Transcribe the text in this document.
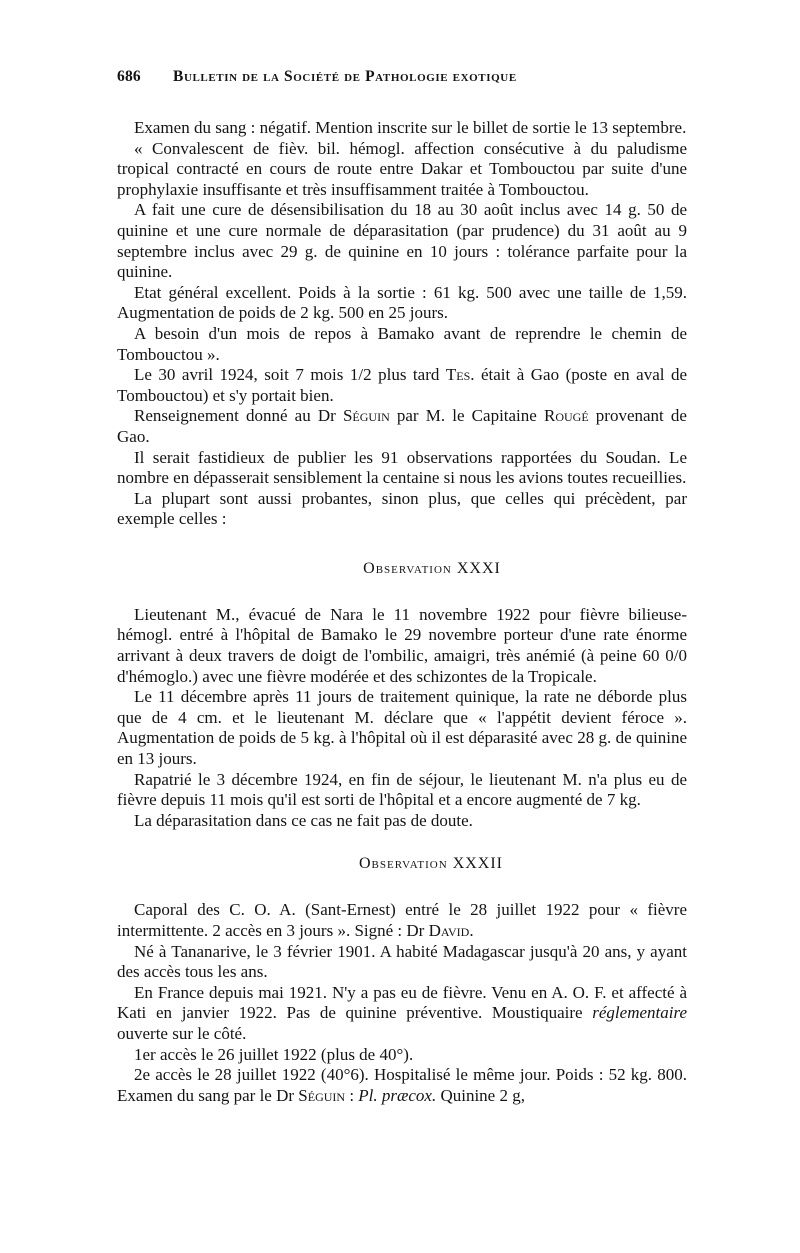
686 Bulletin de la Société de Pathologie exotique

Examen du sang : négatif. Mention inscrite sur le billet de sortie le 13 septembre.

« Convalescent de fièv. bil. hémogl. affection consécutive à du paludisme tropical contracté en cours de route entre Dakar et Tombouctou par suite d'une prophylaxie insuffisante et très insuffisamment traitée à Tombouctou.

A fait une cure de désensibilisation du 18 au 30 août inclus avec 14 g. 50 de quinine et une cure normale de déparasitation (par prudence) du 31 août au 9 septembre inclus avec 29 g. de quinine en 10 jours : tolérance parfaite pour la quinine.

Etat général excellent. Poids à la sortie : 61 kg. 500 avec une taille de 1,59. Augmentation de poids de 2 kg. 500 en 25 jours.

A besoin d'un mois de repos à Bamako avant de reprendre le chemin de Tombouctou ».

Le 30 avril 1924, soit 7 mois 1/2 plus tard Tes. était à Gao (poste en aval de Tombouctou) et s'y portait bien.

Renseignement donné au Dr Séguin par M. le Capitaine Rougé provenant de Gao.

Il serait fastidieux de publier les 91 observations rapportées du Soudan. Le nombre en dépasserait sensiblement la centaine si nous les avions toutes recueillies.

La plupart sont aussi probantes, sinon plus, que celles qui précèdent, par exemple celles :

Observation XXXI

Lieutenant M., évacué de Nara le 11 novembre 1922 pour fièvre bilieuse-hémogl. entré à l'hôpital de Bamako le 29 novembre porteur d'une rate énorme arrivant à deux travers de doigt de l'ombilic, amaigri, très anémié (à peine 60 0/0 d'hémoglo.) avec une fièvre modérée et des schizontes de la Tropicale.

Le 11 décembre après 11 jours de traitement quinique, la rate ne déborde plus que de 4 cm. et le lieutenant M. déclare que « l'appétit devient féroce ». Augmentation de poids de 5 kg. à l'hôpital où il est déparasité avec 28 g. de quinine en 13 jours.

Rapatrié le 3 décembre 1924, en fin de séjour, le lieutenant M. n'a plus eu de fièvre depuis 11 mois qu'il est sorti de l'hôpital et a encore augmenté de 7 kg.

La déparasitation dans ce cas ne fait pas de doute.

Observation XXXII

Caporal des C. O. A. (Sant-Ernest) entré le 28 juillet 1922 pour « fièvre intermittente. 2 accès en 3 jours ». Signé : Dr David.

Né à Tananarive, le 3 février 1901. A habité Madagascar jusqu'à 20 ans, y ayant des accès tous les ans.

En France depuis mai 1921. N'y a pas eu de fièvre. Venu en A. O. F. et affecté à Kati en janvier 1922. Pas de quinine préventive. Moustiquaire réglementaire ouverte sur le côté.

1er accès le 26 juillet 1922 (plus de 40°).

2e accès le 28 juillet 1922 (40°6). Hospitalisé le même jour. Poids : 52 kg. 800. Examen du sang par le Dr Séguin : Pl. præcox. Quinine 2 g,
